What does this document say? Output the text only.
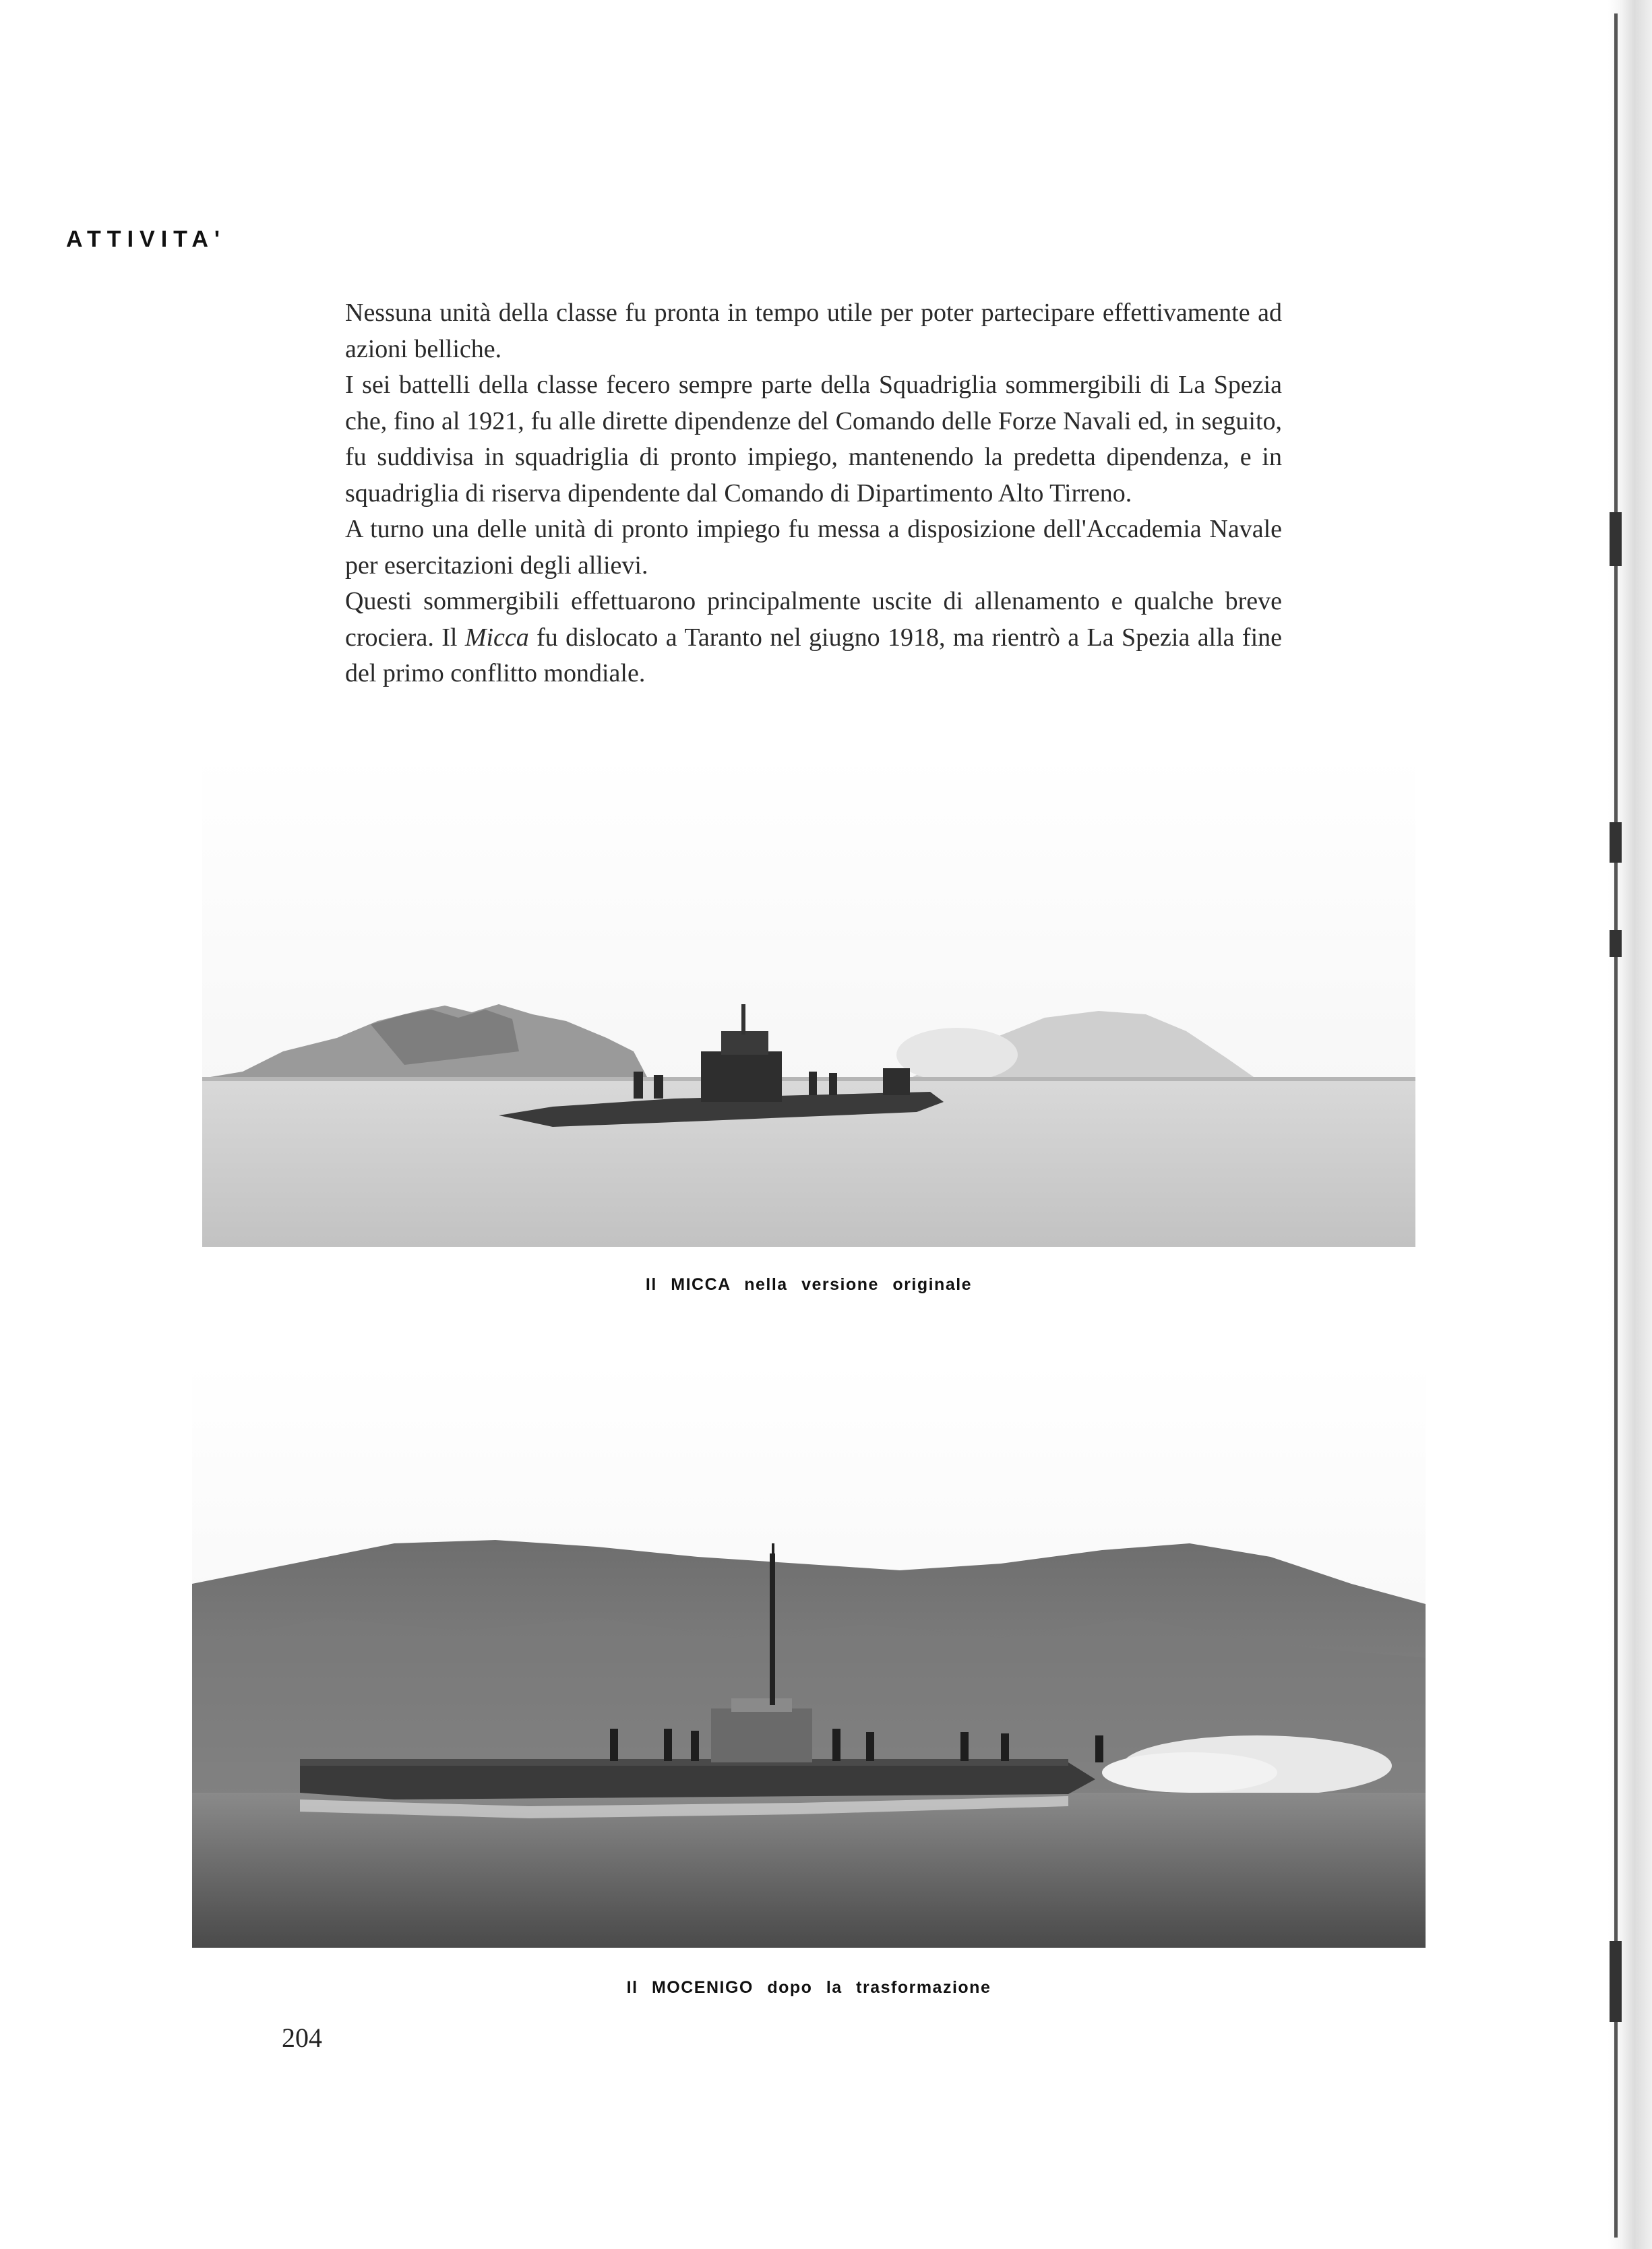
ATTIVITA'

Nessuna unità della classe fu pronta in tempo utile per poter partecipare effettivamente ad azioni belliche.

I sei battelli della classe fecero sempre parte della Squadriglia sommergibili di La Spezia che, fino al 1921, fu alle dirette dipendenze del Comando delle Forze Navali ed, in seguito, fu suddivisa in squadriglia di pronto impiego, mantenendo la predetta dipendenza, e in squadriglia di riserva dipendente dal Comando di Dipartimento Alto Tirreno.

A turno una delle unità di pronto impiego fu messa a disposizione dell'Accademia Navale per esercitazioni degli allievi.

Questi sommergibili effettuarono principalmente uscite di allenamento e qualche breve crociera. Il Micca fu dislocato a Taranto nel giugno 1918, ma rientrò a La Spezia alla fine del primo conflitto mondiale.

Il MICCA nella versione originale
Il MOCENIGO dopo la trasformazione
204
